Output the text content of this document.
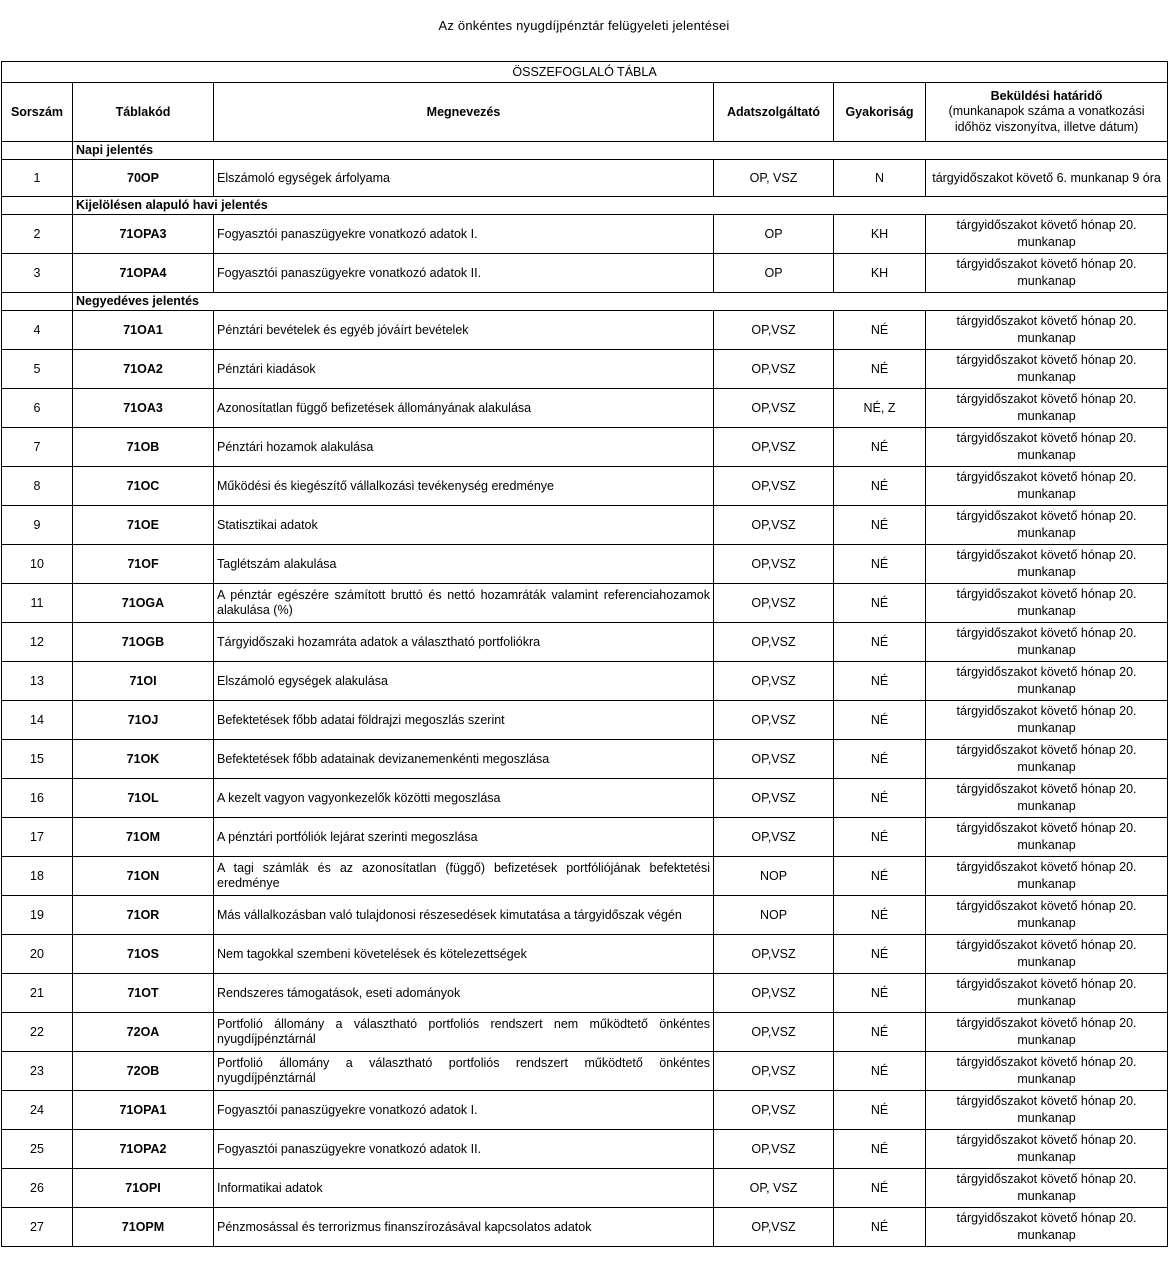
Az önkéntes nyugdíjpénztár felügyeleti jelentései
ÖSSZEFOGLALÓ TÁBLA					
Sorszám	Táblakód	Megnevezés	Adatszolgáltató	Gyakoriság	Beküldési határidő
(munkanapok száma a vonatkozási időhöz viszonyítva, illetve dátum)
	Napi jelentés				
1	70OP	Elszámoló egységek árfolyama	OP, VSZ	N	tárgyidőszakot követő 6. munkanap 9 óra
	Kijelölésen alapuló havi jelentés				
2	71OPA3	Fogyasztói panaszügyekre vonatkozó adatok I.	OP	KH	tárgyidőszakot követő hónap 20. munkanap
3	71OPA4	Fogyasztói panaszügyekre vonatkozó adatok II.	OP	KH	tárgyidőszakot követő hónap 20. munkanap
	Negyedéves jelentés				
4	71OA1	Pénztári bevételek és egyéb jóváírt bevételek	OP,VSZ	NÉ	tárgyidőszakot követő hónap 20. munkanap
5	71OA2	Pénztári kiadások	OP,VSZ	NÉ	tárgyidőszakot követő hónap 20. munkanap
6	71OA3	Azonosítatlan függő befizetések állományának alakulása	OP,VSZ	NÉ, Z	tárgyidőszakot követő hónap 20. munkanap
7	71OB	Pénztári hozamok alakulása	OP,VSZ	NÉ	tárgyidőszakot követő hónap 20. munkanap
8	71OC	Működési és kiegészítő vállalkozási tevékenység eredménye	OP,VSZ	NÉ	tárgyidőszakot követő hónap 20. munkanap
9	71OE	Statisztikai adatok	OP,VSZ	NÉ	tárgyidőszakot követő hónap 20. munkanap
10	71OF	Taglétszám alakulása	OP,VSZ	NÉ	tárgyidőszakot követő hónap 20. munkanap
11	71OGA	A pénztár egészére számított bruttó és nettó hozamráták valamint referenciahozamok alakulása (%)	OP,VSZ	NÉ	tárgyidőszakot követő hónap 20. munkanap
12	71OGB	Tárgyidőszaki hozamráta adatok a választható portfoliókra	OP,VSZ	NÉ	tárgyidőszakot követő hónap 20. munkanap
13	71OI	Elszámoló egységek alakulása	OP,VSZ	NÉ	tárgyidőszakot követő hónap 20. munkanap
14	71OJ	Befektetések főbb adatai földrajzi megoszlás szerint	OP,VSZ	NÉ	tárgyidőszakot követő hónap 20. munkanap
15	71OK	Befektetések főbb adatainak devizanemenkénti megoszlása	OP,VSZ	NÉ	tárgyidőszakot követő hónap 20. munkanap
16	71OL	A kezelt vagyon vagyonkezelők közötti megoszlása	OP,VSZ	NÉ	tárgyidőszakot követő hónap 20. munkanap
17	71OM	A pénztári portfóliók lejárat szerinti megoszlása	OP,VSZ	NÉ	tárgyidőszakot követő hónap 20. munkanap
18	71ON	A tagi számlák és az azonosítatlan (függő) befizetések portfóliójának befektetési eredménye	NOP	NÉ	tárgyidőszakot követő hónap 20. munkanap
19	71OR	Más vállalkozásban való tulajdonosi részesedések kimutatása a tárgyidőszak végén	NOP	NÉ	tárgyidőszakot követő hónap 20. munkanap
20	71OS	Nem tagokkal szembeni követelések és kötelezettségek	OP,VSZ	NÉ	tárgyidőszakot követő hónap 20. munkanap
21	71OT	Rendszeres támogatások, eseti adományok	OP,VSZ	NÉ	tárgyidőszakot követő hónap 20. munkanap
22	72OA	Portfolió állomány a választható portfoliós rendszert nem működtető önkéntes nyugdíjpénztárnál	OP,VSZ	NÉ	tárgyidőszakot követő hónap 20. munkanap
23	72OB	Portfolió állomány a választható portfoliós rendszert működtető önkéntes nyugdíjpénztárnál	OP,VSZ	NÉ	tárgyidőszakot követő hónap 20. munkanap
24	71OPA1	Fogyasztói panaszügyekre vonatkozó adatok I.	OP,VSZ	NÉ	tárgyidőszakot követő hónap 20. munkanap
25	71OPA2	Fogyasztói panaszügyekre vonatkozó adatok II.	OP,VSZ	NÉ	tárgyidőszakot követő hónap 20. munkanap
26	71OPI	Informatikai adatok	OP, VSZ	NÉ	tárgyidőszakot követő hónap 20. munkanap
27	71OPM	Pénzmosással és terrorizmus finanszírozásával kapcsolatos adatok	OP,VSZ	NÉ	tárgyidőszakot követő hónap 20. munkanap
